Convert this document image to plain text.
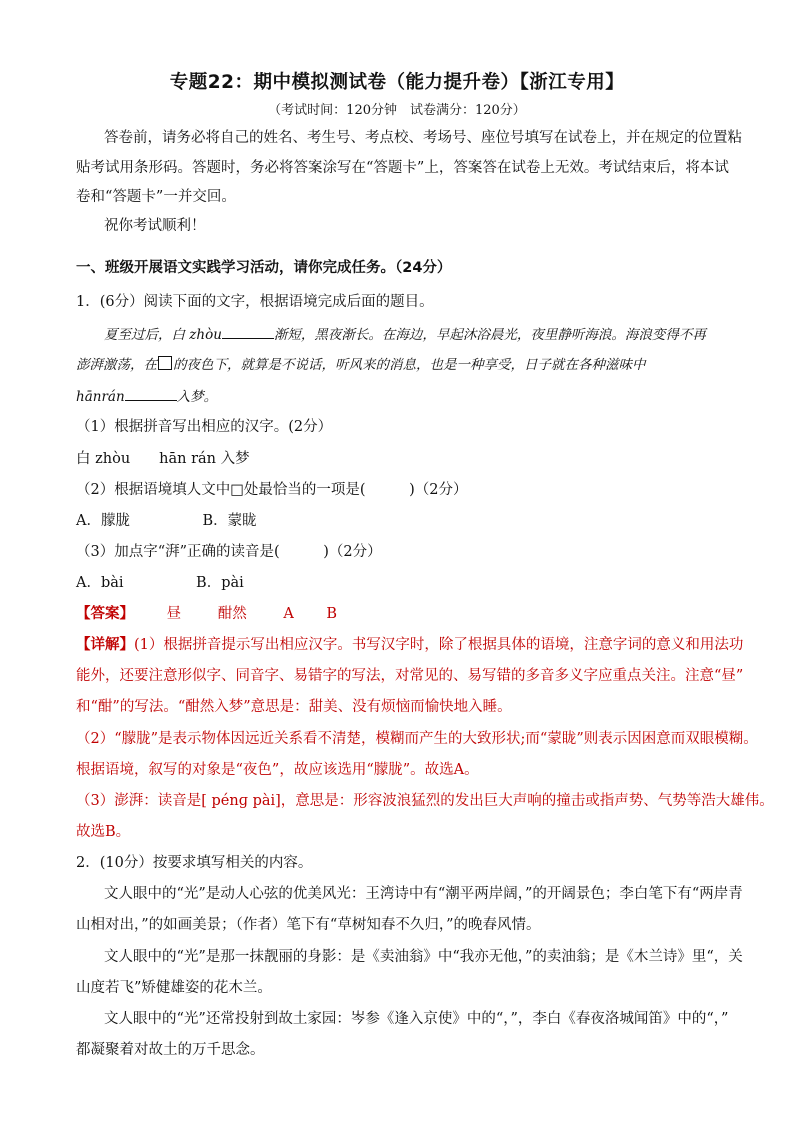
专题22：期中模拟测试卷（能力提升卷）【浙江专用】
（考试时间：120分钟　试卷满分：120分）
答卷前，请务必将自己的姓名、考生号、考点校、考场号、座位号填写在试卷上，并在规定的位置粘
贴考试用条形码。答题时，务必将答案涂写在“答题卡”上，答案答在试卷上无效。考试结束后，将本试
卷和“答题卡”一并交回。
祝你考试顺利！
一、班级开展语文实践学习活动，请你完成任务。（24分）
1．(6分）阅读下面的文字，根据语境完成后面的题目。
夏至过后，白 zhòu	渐短，黑夜渐长。在海边，早起沐浴晨光，夜里静听海浪。海浪变得不再
澎湃激荡，在 的夜色下，就算是不说话，听风来的消息，也是一种享受，日子就在各种滋味中
hānrán	入梦。
（1）根据拼音写出相应的汉字。(2分）
白 zhòu　　hān rán 入梦
（2）根据语境填人文中□处最恰当的一项是(　　　)（2分）
A．朦胧　　　　　B．蒙眬
（3）加点字“湃”正确的读音是(　　　)（2分）
A．bài　　　　　B．pài
【答案】 昼	酣然	A B
【详解】(1）根据拼音提示写出相应汉字。书写汉字时，除了根据具体的语境，注意字词的意义和用法功
能外，还要注意形似字、同音字、易错字的写法，对常见的、易写错的多音多义字应重点关注。注意“昼”
和“酣”的写法。“酣然入梦”意思是：甜美、没有烦恼而愉快地入睡。
（2）“朦胧”是表示物体因远近关系看不清楚，模糊而产生的大致形状;而“蒙眬”则表示因困意而双眼模糊。
根据语境，叙写的对象是“夜色”，故应该选用“朦胧”。故选A。
（3）澎湃：读音是[ pénɡ pài]，意思是：形容波浪猛烈的发出巨大声响的撞击或指声势、气势等浩大雄伟。
故选B。
2．(10分）按要求填写相关的内容。
文人眼中的“光”是动人心弦的优美风光：王湾诗中有“潮平两岸阔，”的开阔景色；李白笔下有“两岸青
山相对出，”的如画美景；（作者）笔下有“草树知春不久归，”的晚春风情。
文人眼中的“光”是那一抹靓丽的身影：是《卖油翁》中“我亦无他，”的卖油翁；是《木兰诗》里“，关
山度若飞”矫健雄姿的花木兰。
文人眼中的“光”还常投射到故土家园：岑参《逢入京使》中的“，”，李白《春夜洛城闻笛》中的“，”
都凝聚着对故土的万千思念。
